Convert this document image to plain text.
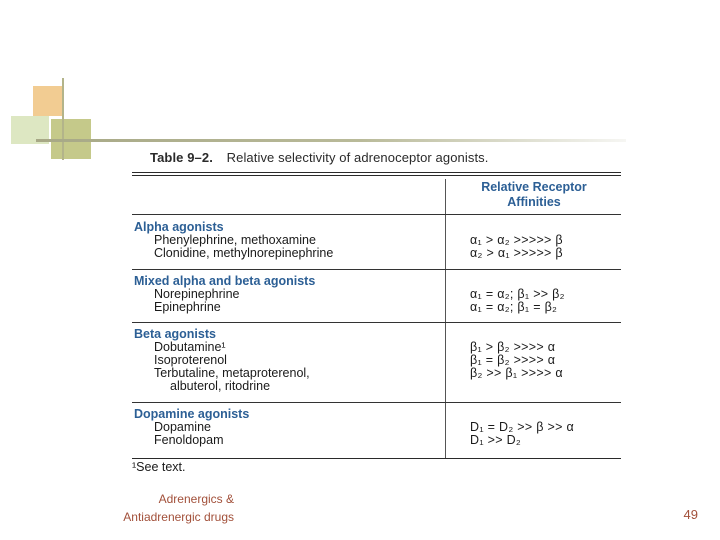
Table 9–2. Relative selectivity of adrenoceptor agonists.
Relative Receptor
Affinities
Alpha agonists
Phenylephrine, methoxamine	α₁ > α₂ >>>>> β
Clonidine, methylnorepinephrine	α₂ > α₁ >>>>> β
Mixed alpha and beta agonists
Norepinephrine	α₁ = α₂; β₁ >> β₂
Epinephrine	α₁ = α₂; β₁ = β₂
Beta agonists
Dobutamine¹	β₁ > β₂ >>>> α
Isoproterenol	β₁ = β₂ >>>> α
Terbutaline, metaproterenol,	β₂ >> β₁ >>>> α
albuterol, ritodrine
Dopamine agonists
Dopamine	D₁ = D₂ >> β >> α
Fenoldopam	D₁ >> D₂
¹See text.
Adrenergics &
Antiadrenergic drugs	49
